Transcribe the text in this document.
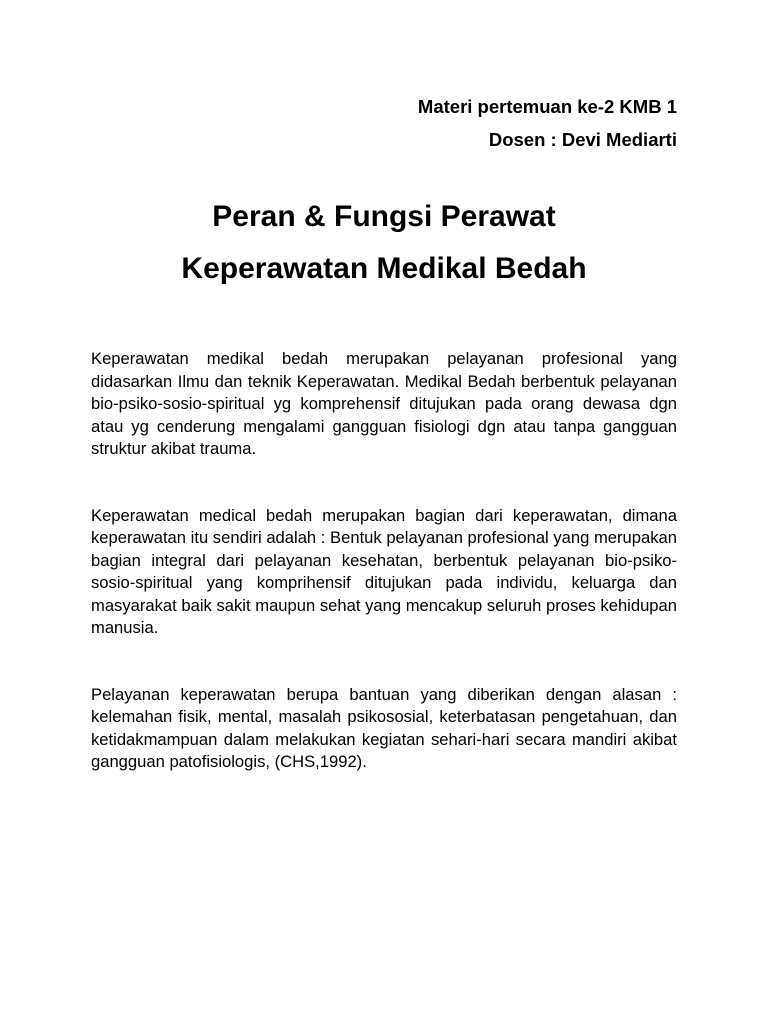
Materi pertemuan ke-2 KMB 1
Dosen : Devi Mediarti
Peran & Fungsi Perawat
Keperawatan Medikal Bedah

Keperawatan medikal bedah merupakan pelayanan profesional yang didasarkan Ilmu dan teknik Keperawatan. Medikal Bedah berbentuk pelayanan bio-psiko-sosio-spiritual yg komprehensif ditujukan pada orang dewasa dgn atau yg cenderung mengalami gangguan fisiologi dgn atau tanpa gangguan struktur akibat trauma.

Keperawatan medical bedah merupakan bagian dari keperawatan, dimana keperawatan itu sendiri adalah : Bentuk pelayanan profesional yang merupakan bagian integral dari pelayanan kesehatan, berbentuk pelayanan bio-psiko-sosio-spiritual yang komprihensif ditujukan pada individu, keluarga dan masyarakat baik sakit maupun sehat yang mencakup seluruh proses kehidupan manusia.

Pelayanan keperawatan berupa bantuan yang diberikan dengan alasan : kelemahan fisik, mental, masalah psikososial, keterbatasan pengetahuan, dan ketidakmampuan dalam melakukan kegiatan sehari-hari secara mandiri akibat gangguan patofisiologis, (CHS,1992).
